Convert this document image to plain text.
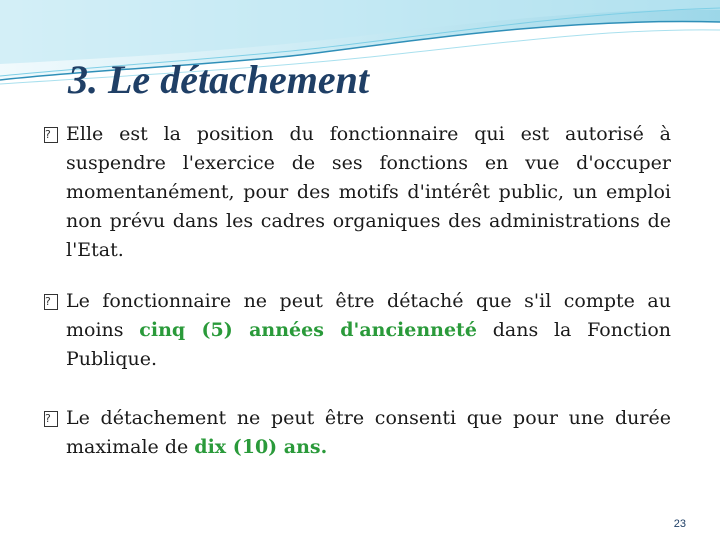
3. Le détachement

? Elle est la position du fonctionnaire qui est autorisé à suspendre l'exercice de ses fonctions en vue d'occuper momentanément, pour des motifs d'intérêt public, un emploi non prévu dans les cadres organiques des administrations de l'Etat.

? Le fonctionnaire ne peut être détaché que s'il compte au moins cinq (5) années d'ancienneté dans la Fonction Publique.

? Le détachement ne peut être consenti que pour une durée maximale de dix (10) ans.

23
